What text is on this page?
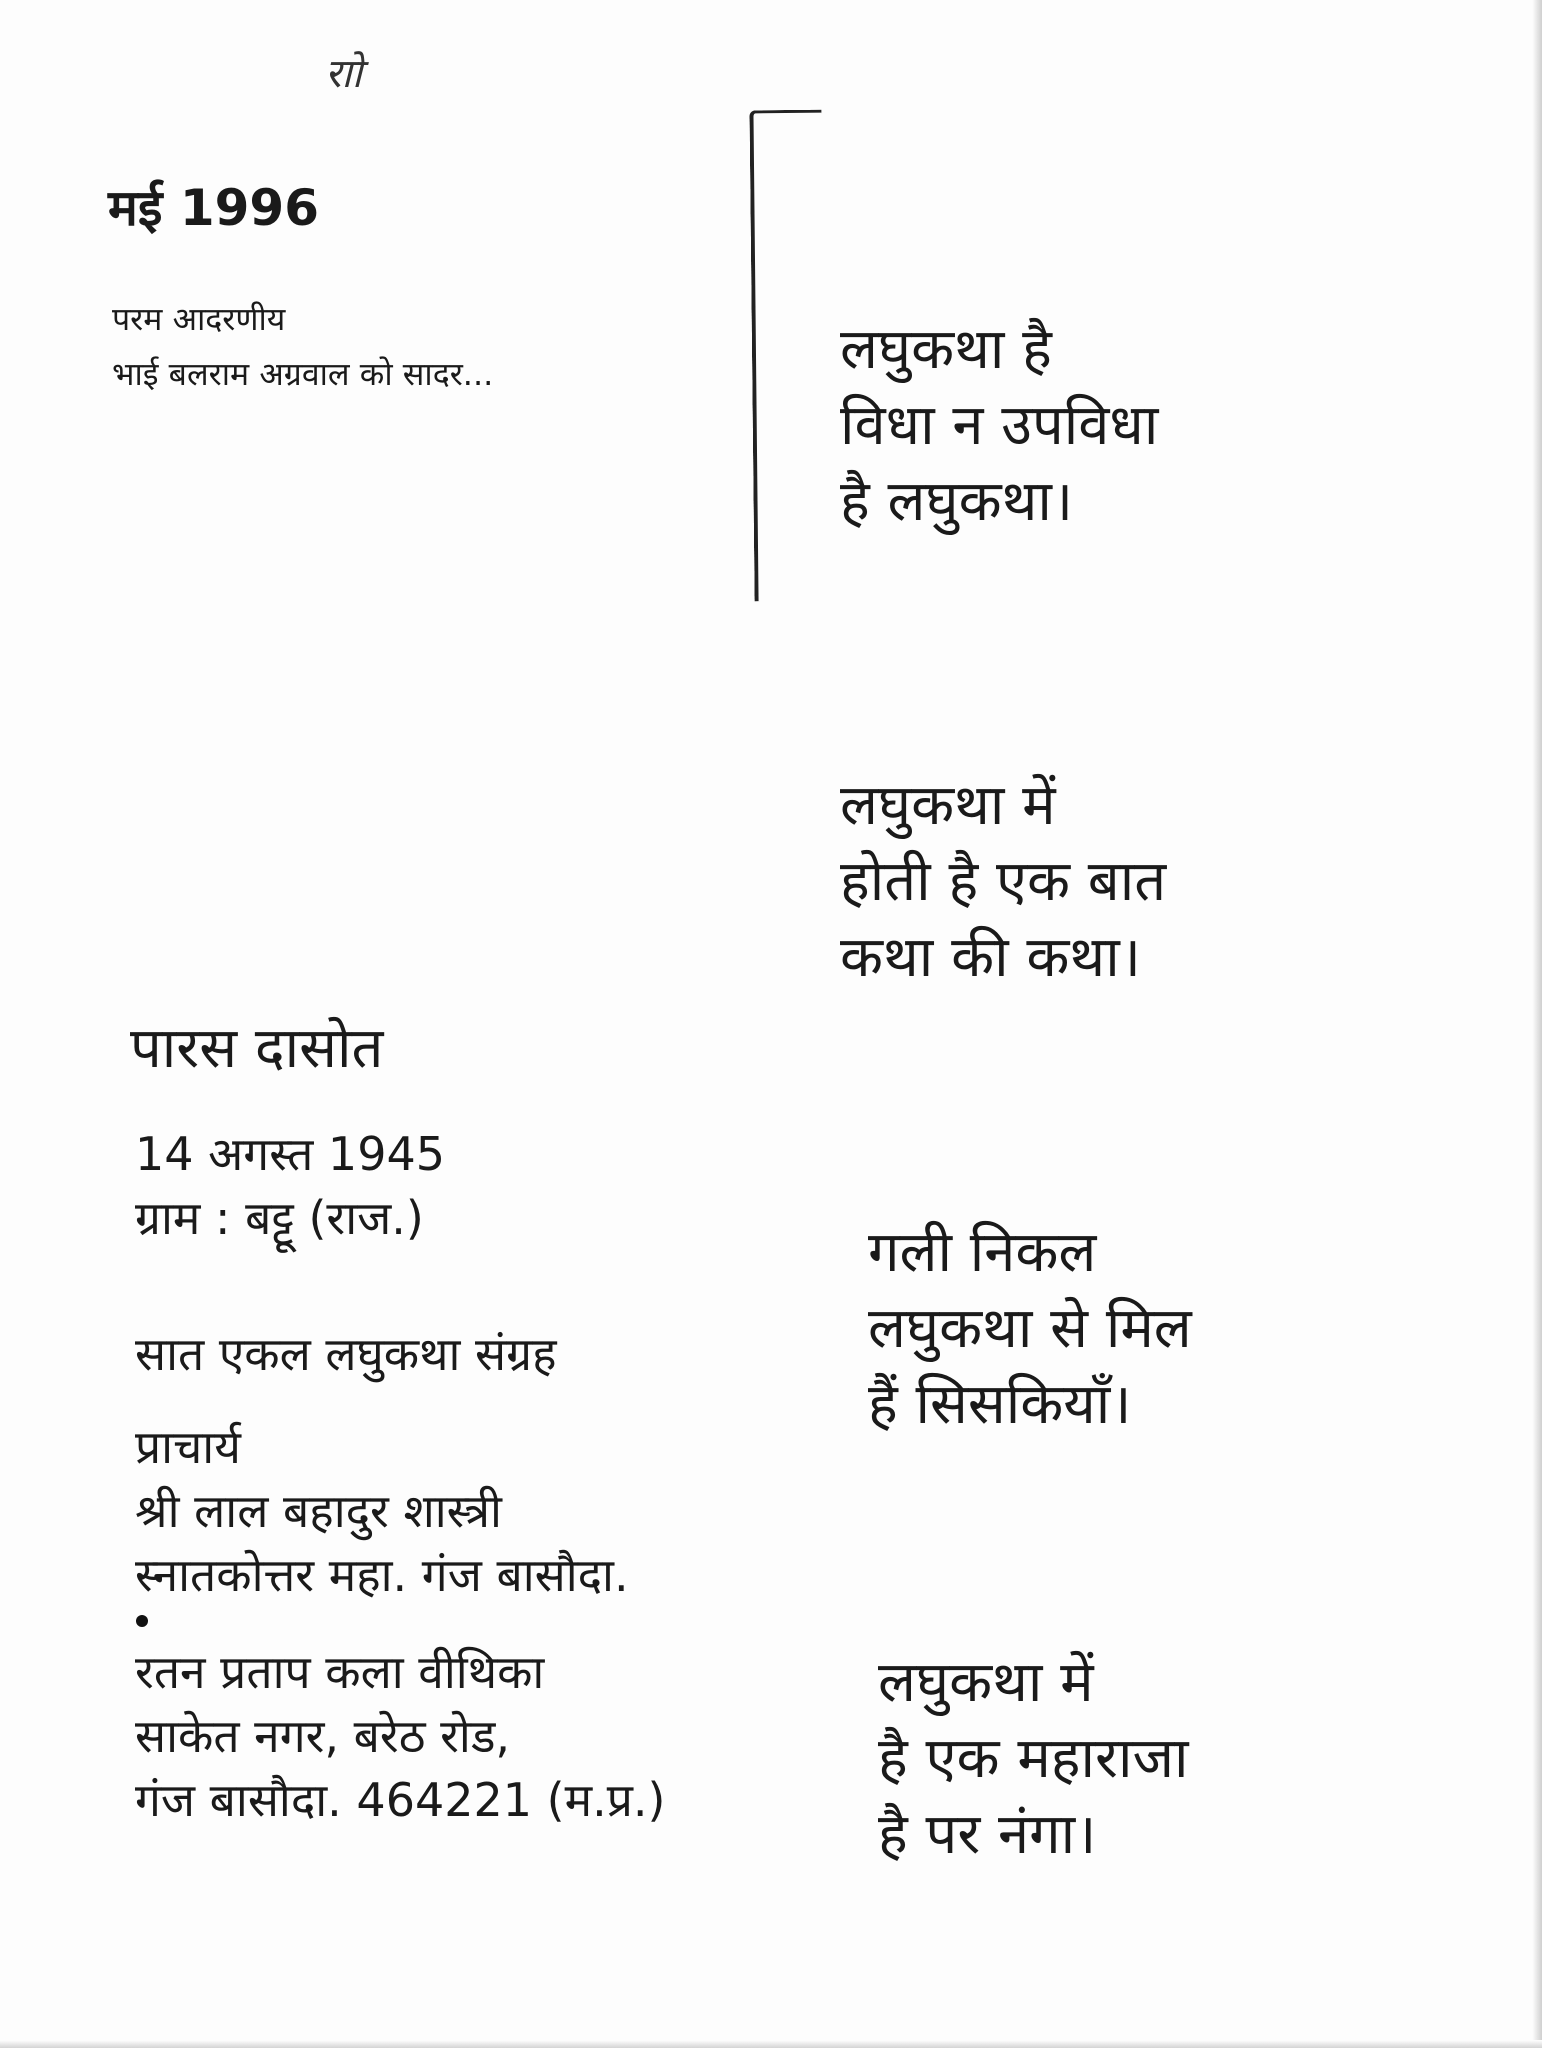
राो
मई 1996
परम आदरणीय
भाई बलराम अग्रवाल को सादर...	लघुकथा है
विधा न उपविधा
है लघुकथा।
लघुकथा में
होती है एक बात
कथा की कथा।
पारस दासोत
14 अगस्त 1945
ग्राम : बट्टू (राज.)
सात एकल लघुकथा संग्रह
प्राचार्य
श्री लाल बहादुर शास्त्री
स्नातकोत्तर महा. गंज बासौदा.
रतन प्रताप कला वीथिका
साकेत नगर, बरेठ रोड,
गंज बासौदा. 464221 (म.प्र.)
गली निकल
लघुकथा से मिल
हैं सिसकियाँ।
लघुकथा में
है एक महाराजा
है पर नंगा।
